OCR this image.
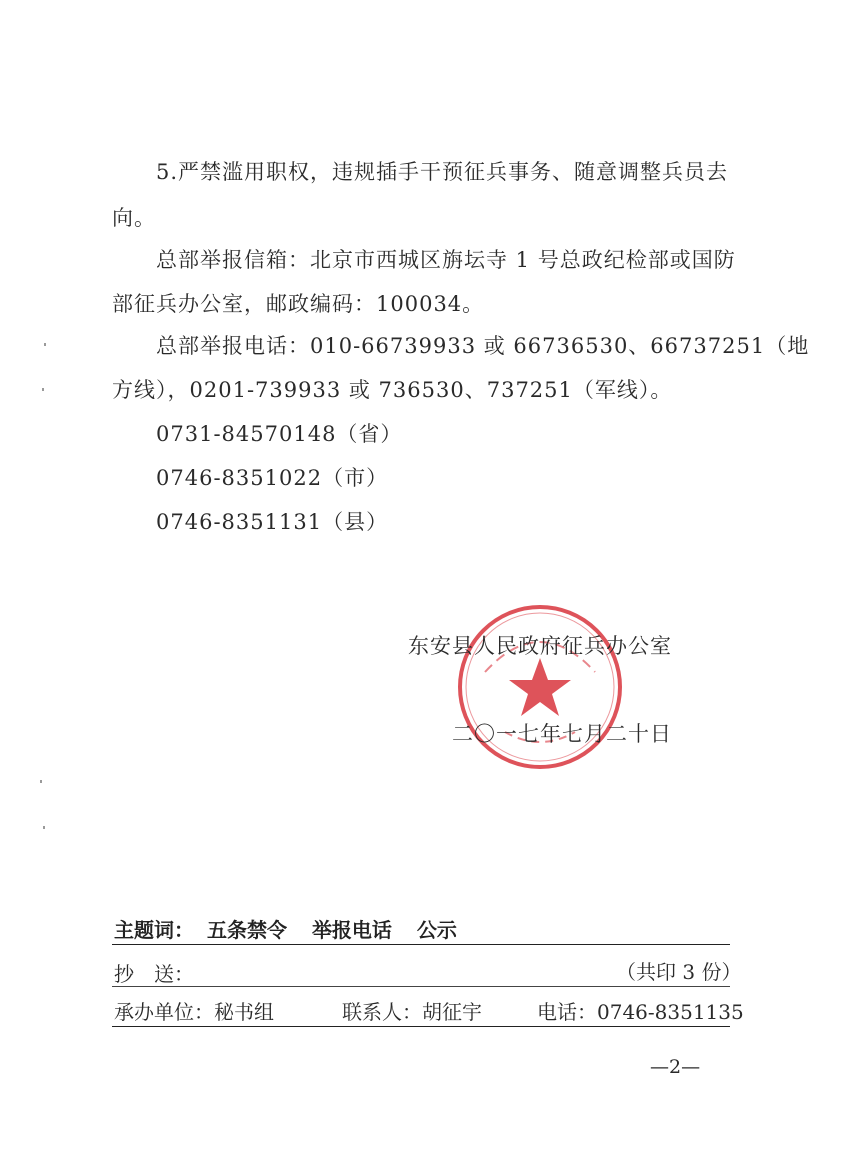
5.严禁滥用职权，违规插手干预征兵事务、随意调整兵员去
向。
总部举报信箱：北京市西城区旃坛寺 1 号总政纪检部或国防
部征兵办公室，邮政编码：100034。
总部举报电话：010-66739933 或 66736530、66737251（地
方线），0201-739933 或 736530、737251（军线）。
0731-84570148（省）
0746-8351022（市）
0746-8351131（县）
东安县人民政府征兵办公室
二〇一七年七月二十日
主题词： 五条禁令 举报电话 公示
抄　送：	（共印 3 份）
承办单位：秘书组	联系人：胡征宇	电话：0746-8351135
—2—
